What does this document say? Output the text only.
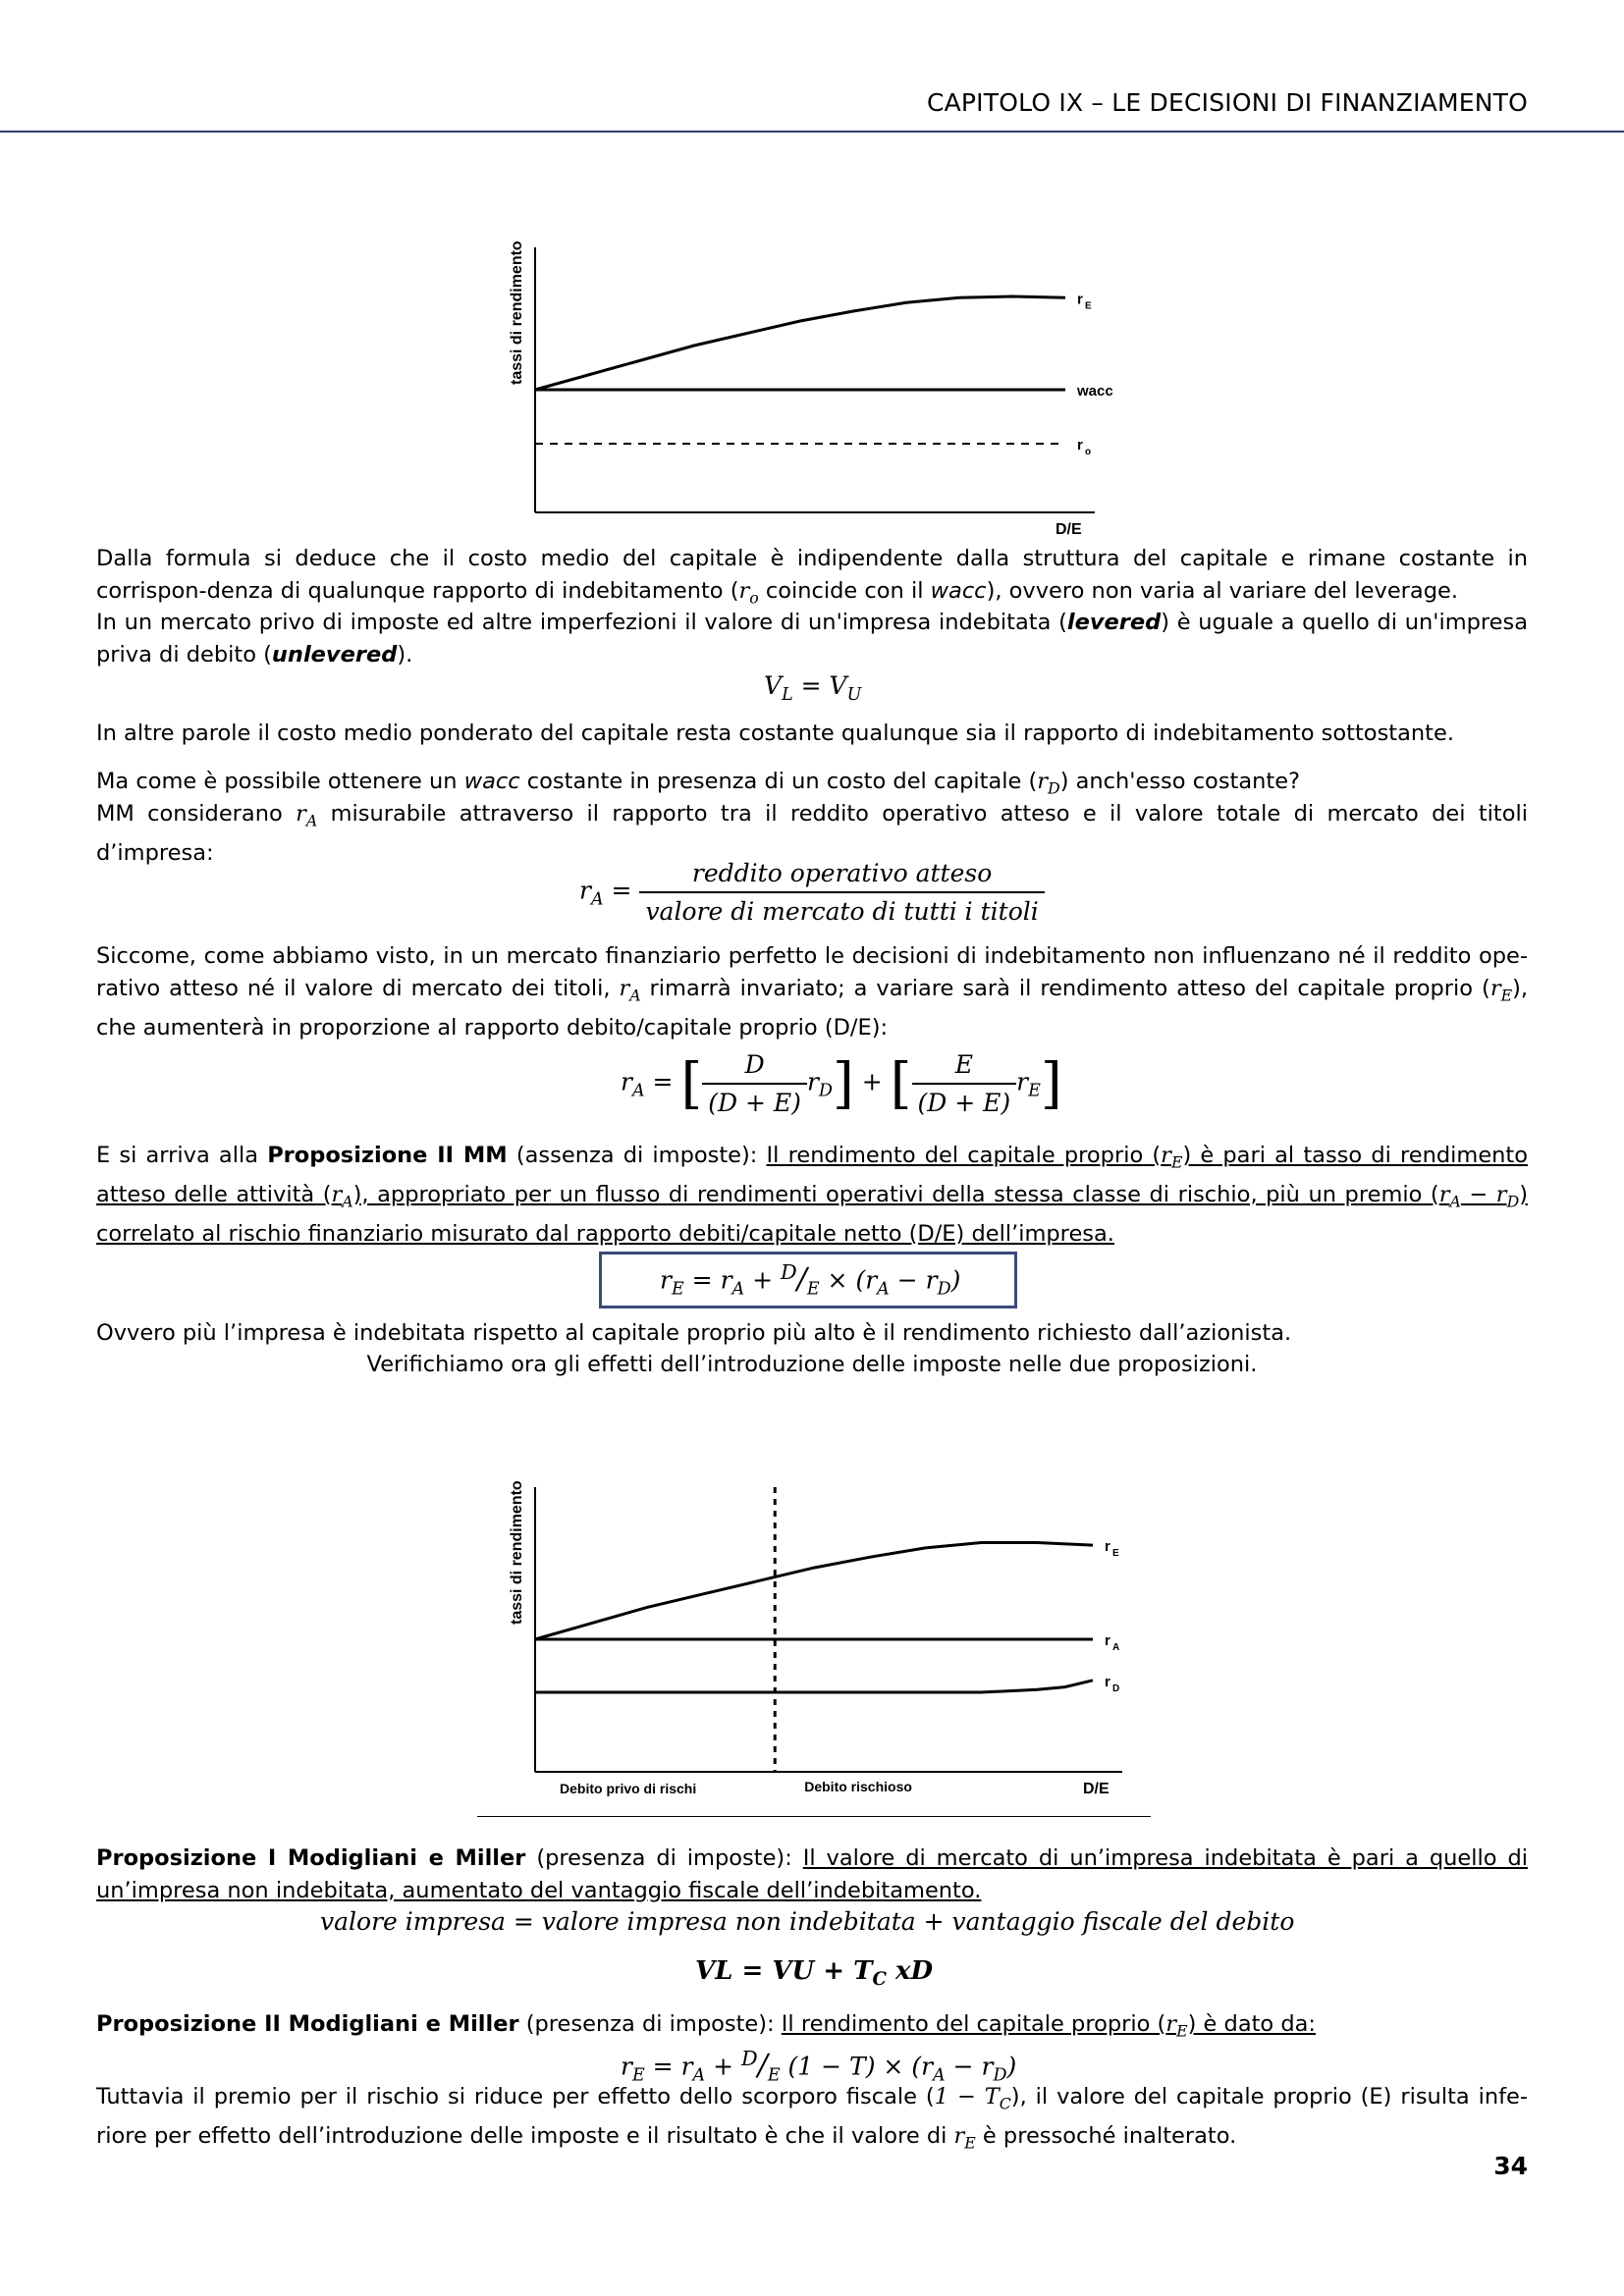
CAPITOLO IX – LE DECISIONI DI FINANZIAMENTO
tassi di rendimento
D/E
r E
wacc
r o

Dalla formula si deduce che il costo medio del capitale è indipendente dalla struttura del capitale e rimane costante in corrispon-denza di qualunque rapporto di indebitamento ($r_o$ coincide con il wacc), ovvero non varia al variare del leverage.

In un mercato privo di imposte ed altre imperfezioni il valore di un'impresa indebitata (levered) è uguale a quello di un'impresa priva di debito (unlevered).

$V_L = V_U$

In altre parole il costo medio ponderato del capitale resta costante qualunque sia il rapporto di indebitamento sottostante.

Ma come è possibile ottenere un wacc costante in presenza di un costo del capitale $(r_D)$ anch'esso costante?

MM considerano $r_A$ misurabile attraverso il rapporto tra il reddito operativo atteso e il valore totale di mercato dei titoli d’impresa:

$r_A = \frac{\text{reddito operativo atteso}}{\text{valore di mercato di tutti i titoli}}$

Siccome, come abbiamo visto, in un mercato finanziario perfetto le decisioni di indebitamento non influenzano né il reddito ope-rativo atteso né il valore di mercato dei titoli, $r_A$ rimarrà invariato; a variare sarà il rendimento atteso del capitale proprio $(r_E)$, che aumenterà in proporzione al rapporto debito/capitale proprio (D/E):

$r_A$ = [ $\frac{D}{(D + E)} r_D$] + [ $\frac{E}{(D + E)} r_E$]

E si arriva alla Proposizione II MM (assenza di imposte): Il rendimento del capitale proprio $(r_E)$ è pari al tasso di rendimento atteso delle attività $(r_A)$, appropriato per un flusso di rendimenti operativi della stessa classe di rischio, più un premio $(r_A - r_D)$ correlato al rischio finanziario misurato dal rapporto debiti/capitale netto (D/E) dell’impresa.

$r_E = r_A + ^D/_E \times (r_A - r_D)$

Ovvero più l’impresa è indebitata rispetto al capitale proprio più alto è il rendimento richiesto dall’azionista.

Verifichiamo ora gli effetti dell’introduzione delle imposte nelle due proposizioni.

tassi di rendimento
D/E
Debito privo di rischi	Debito rischioso
r E
r A
r D

Proposizione I Modigliani e Miller (presenza di imposte): Il valore di mercato di un’impresa indebitata è pari a quello di un’impresa non indebitata, aumentato del vantaggio fiscale dell’indebitamento.

valore impresa = valore impresa non indebitata + vantaggio fiscale del debito
VL = VU + $T_C$ xD

Proposizione II Modigliani e Miller (presenza di imposte): Il rendimento del capitale proprio $(r_E)$ è dato da:

$r_E = r_A + ^D/_E$ $(1 - T) \times (r_A - r_D)$

Tuttavia il premio per il rischio si riduce per effetto dello scorporo fiscale $(1 - T_C)$, il valore del capitale proprio (E) risulta infe-riore per effetto dell’introduzione delle imposte e il risultato è che il valore di $r_E$ è pressoché inalterato.

34
